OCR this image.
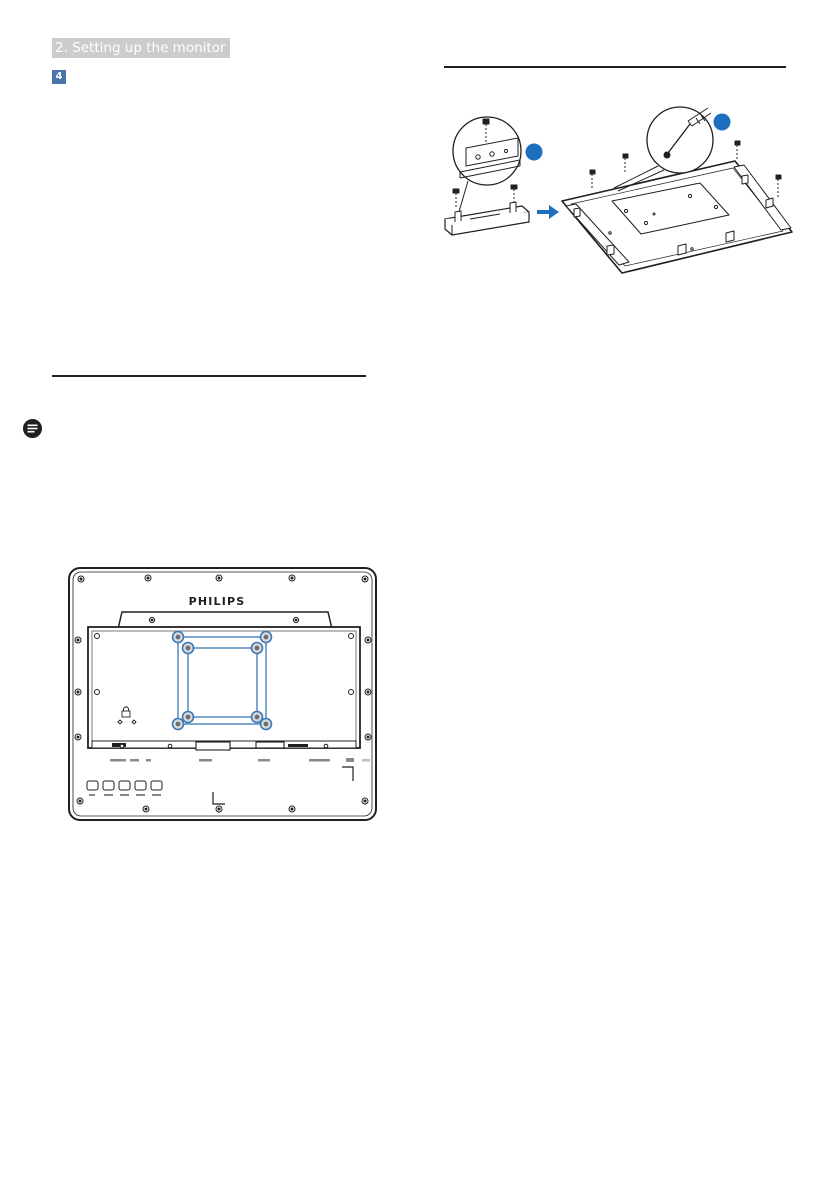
2. Setting up the monitor
4
PHILIPS
